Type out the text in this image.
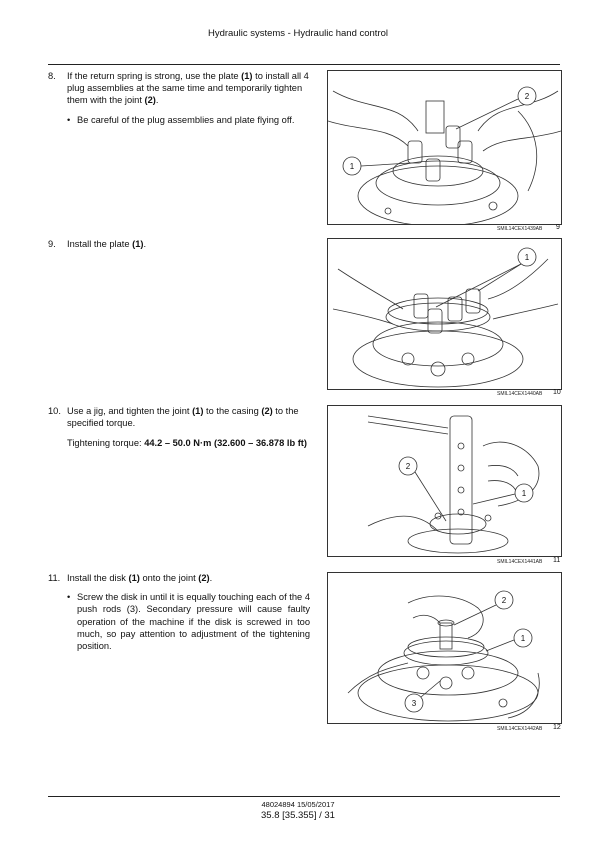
Hydraulic systems - Hydraulic hand control
8. If the return spring is strong, use the plate (1) to install all 4 plug assemblies at the same time and temporarily tighten them with the joint (2).
• Be careful of the plug assemblies and plate flying off.
1
2
SMIL14CEX1439AB 9
9. Install the plate (1).
1
SMIL14CEX1440AB 10
10. Use a jig, and tighten the joint (1) to the casing (2) to the specified torque.
Tightening torque: 44.2 – 50.0 N·m (32.600 – 36.878 lb ft)
2
1
SMIL14CEX1441AB 11
11. Install the disk (1) onto the joint (2).
• Screw the disk in until it is equally touching each of the 4 push rods (3). Secondary pressure will cause faulty operation of the machine if the disk is screwed in too much, so pay attention to adjustment of the tightening position.
2
1
3
SMIL14CEX1442AB 12
48024894 15/05/2017
35.8 [35.355] / 31
